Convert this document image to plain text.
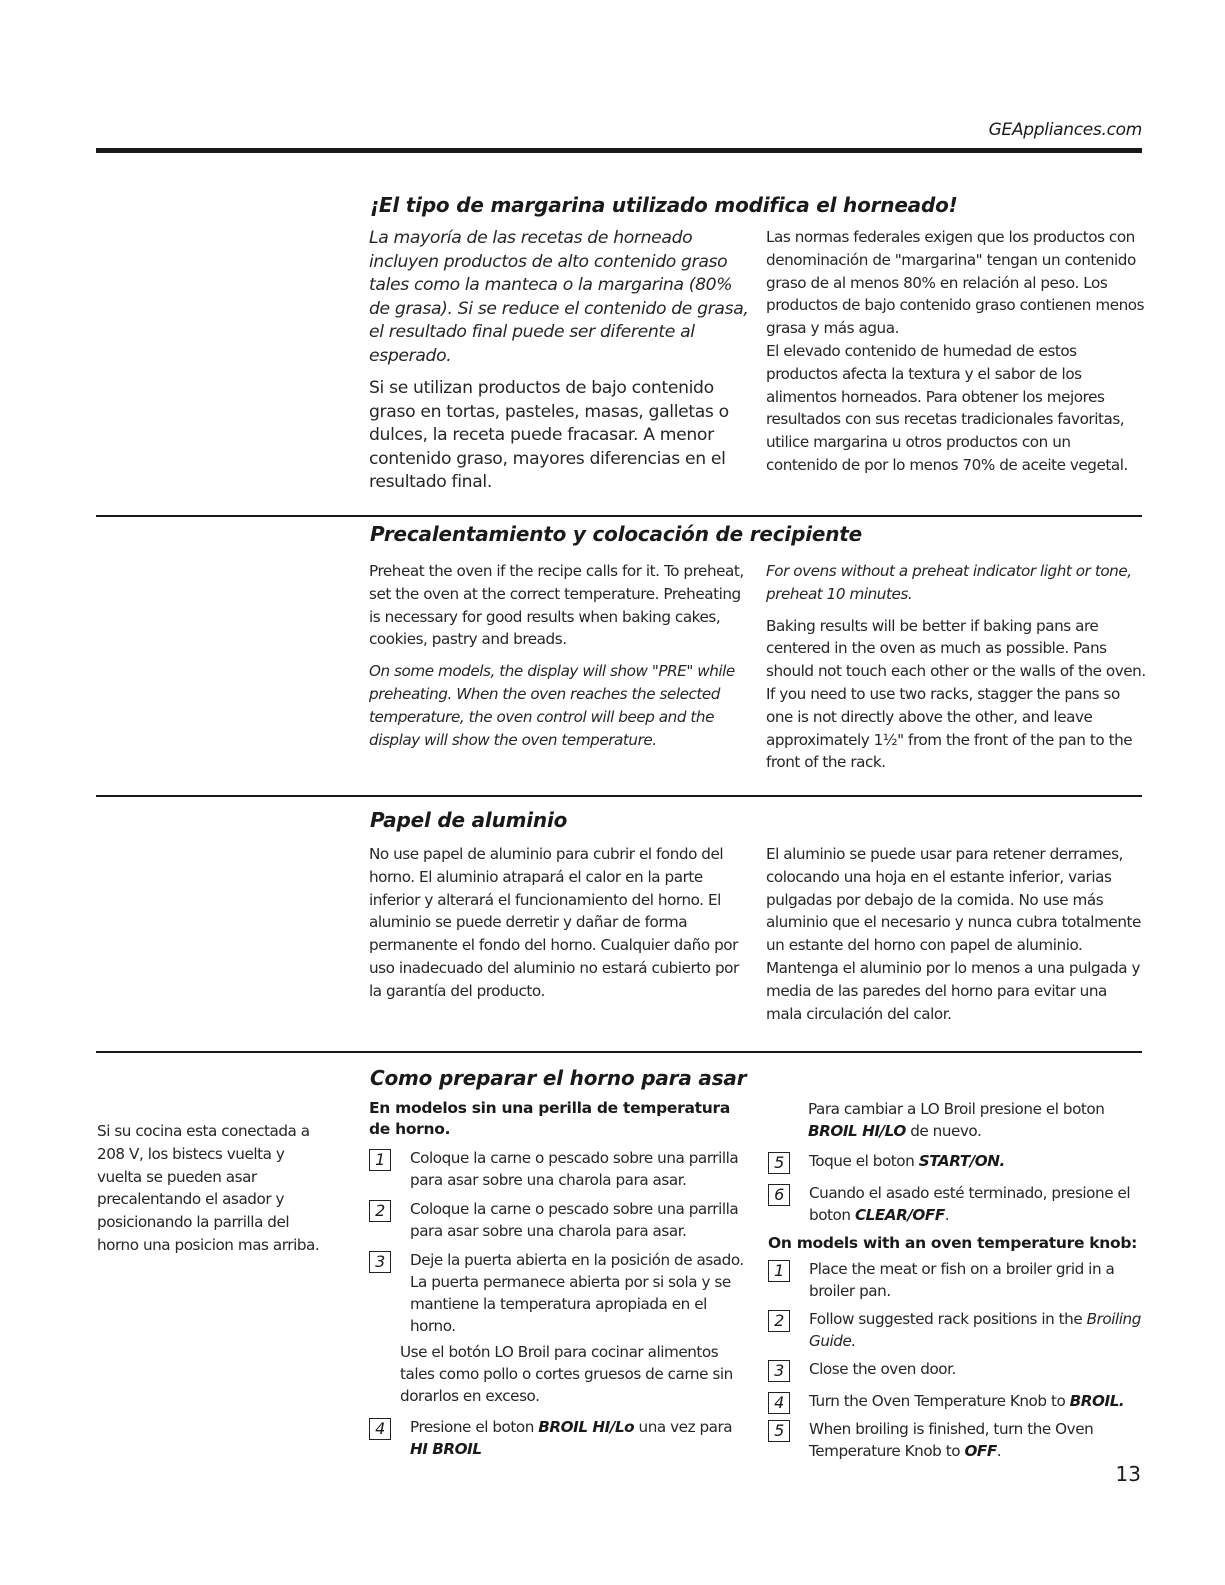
GEAppliances.com
¡El tipo de margarina utilizado modifica el horneado!

La mayoría de las recetas de horneado incluyen productos de alto contenido graso tales como la manteca o la margarina (80% de grasa). Si se reduce el contenido de grasa, el resultado final puede ser diferente al esperado.

Si se utilizan productos de bajo contenido graso en tortas, pasteles, masas, galletas o dulces, la receta puede fracasar. A menor contenido graso, mayores diferencias en el resultado final.

Las normas federales exigen que los productos con denominación de "margarina" tengan un contenido graso de al menos 80% en relación al peso. Los productos de bajo contenido graso contienen menos grasa y más agua.

El elevado contenido de humedad de estos productos afecta la textura y el sabor de los alimentos horneados. Para obtener los mejores resultados con sus recetas tradicionales favoritas, utilice margarina u otros productos con un contenido de por lo menos 70% de aceite vegetal.

Precalentamiento y colocación de recipiente

Preheat the oven if the recipe calls for it. To preheat, set the oven at the correct temperature. Preheating is necessary for good results when baking cakes, cookies, pastry and breads.

On some models, the display will show "PRE" while preheating. When the oven reaches the selected temperature, the oven control will beep and the display will show the oven temperature.

For ovens without a preheat indicator light or tone, preheat 10 minutes.

Baking results will be better if baking pans are centered in the oven as much as possible. Pans should not touch each other or the walls of the oven. If you need to use two racks, stagger the pans so one is not directly above the other, and leave approximately 1½" from the front of the pan to the front of the rack.

Papel de aluminio

No use papel de aluminio para cubrir el fondo del horno. El aluminio atrapará el calor en la parte inferior y alterará el funcionamiento del horno. El aluminio se puede derretir y dañar de forma permanente el fondo del horno. Cualquier daño por uso inadecuado del aluminio no estará cubierto por la garantía del producto.

El aluminio se puede usar para retener derrames, colocando una hoja en el estante inferior, varias pulgadas por debajo de la comida. No use más aluminio que el necesario y nunca cubra totalmente un estante del horno con papel de aluminio. Mantenga el aluminio por lo menos a una pulgada y media de las paredes del horno para evitar una mala circulación del calor.

Como preparar el horno para asar
Si su cocina esta conectada a 208 V, los bistecs vuelta y vuelta se pueden asar precalentando el asador y posicionando la parrilla del horno una posicion mas arriba.
En modelos sin una perilla de temperatura de horno.
1	Coloque la carne o pescado sobre una parrilla para asar sobre una charola para asar.
2	Coloque la carne o pescado sobre una parrilla para asar sobre una charola para asar.
3	Deje la puerta abierta en la posición de asado. La puerta permanece abierta por si sola y se mantiene la temperatura apropiada en el horno.
Use el botón LO Broil para cocinar alimentos tales como pollo o cortes gruesos de carne sin dorarlos en exceso.
4	Presione el boton BROIL HI/Lo una vez para HI BROIL
Para cambiar a LO Broil presione el boton BROIL HI/LO de nuevo.
5	Toque el boton START/ON.
6	Cuando el asado esté terminado, presione el boton CLEAR/OFF.
On models with an oven temperature knob:
1	Place the meat or fish on a broiler grid in a broiler pan.
2	Follow suggested rack positions in the Broiling Guide.
3	Close the oven door.
4	Turn the Oven Temperature Knob to BROIL.
5	When broiling is finished, turn the Oven Temperature Knob to OFF.
13
